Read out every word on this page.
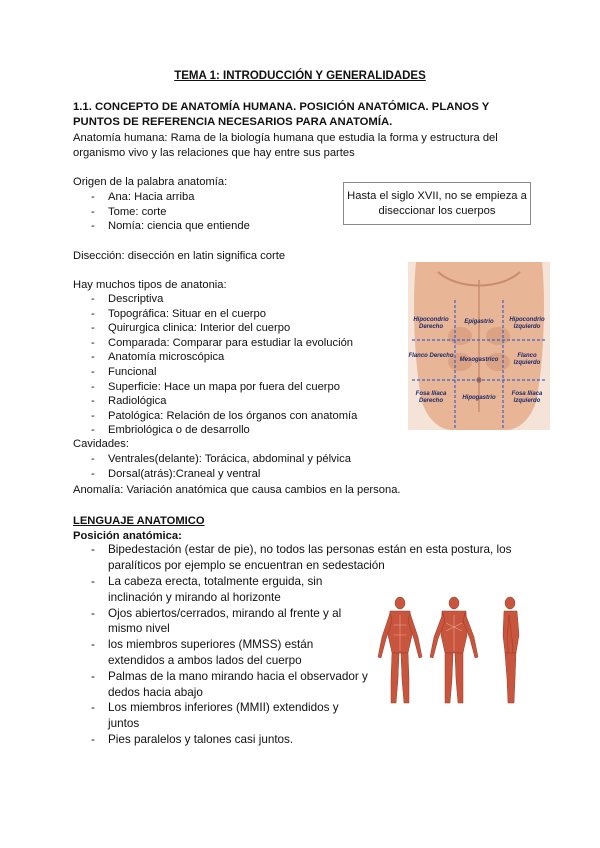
TEMA 1: INTRODUCCIÓN Y GENERALIDADES
1.1. CONCEPTO DE ANATOMÍA HUMANA. POSICIÓN ANATÓMICA. PLANOS Y PUNTOS DE REFERENCIA NECESARIOS PARA ANATOMÍA.
Anatomía humana: Rama de la biología humana que estudia la forma y estructura del organismo vivo y las relaciones que hay entre sus partes
Origen de la palabra anatomía:
- Ana: Hacia arriba
- Tome: corte
- Nomía: ciencia que entiende
Hasta el siglo XVII, no se empieza a diseccionar los cuerpos
Disección: disección en latin significa corte
Hay muchos tipos de anatonia:
- Descriptiva
- Topográfica: Situar en el cuerpo
- Quirurgica clinica: Interior del cuerpo
- Comparada: Comparar para estudiar la evolución
- Anatomía microscópica
- Funcional
- Superficie: Hace un mapa por fuera del cuerpo
- Radiológica
- Patológica: Relación de los órganos con anatomía
- Embriológica o de desarrollo
Cavidades:
- Ventrales(delante): Torácica, abdominal y pélvica
- Dorsal(atrás):Craneal y ventral
Anomalía: Variación anatómica que causa cambios en la persona.
Hipocondrio Derecho
Epigastrio	Hipocondrio Izquierdo
Flanco Derecho
Mesogastrico
Flanco Izquierdo
Fosa Iliaca Derecho	Hipogastrio
Fosa Iliaca Izquierdo
LENGUAJE ANATOMICO
Posición anatómica:
- Bipedestación (estar de pie), no todos las personas están en esta postura, los paralíticos por ejemplo se encuentran en sedestación
- La cabeza erecta, totalmente erguida, sin inclinación y mirando al horizonte
- Ojos abiertos/cerrados, mirando al frente y al mismo nivel
- los miembros superiores (MMSS) están extendidos a ambos lados del cuerpo
- Palmas de la mano mirando hacia el observador y dedos hacia abajo
- Los miembros inferiores (MMII) extendidos y juntos
- Pies paralelos y talones casi juntos.
